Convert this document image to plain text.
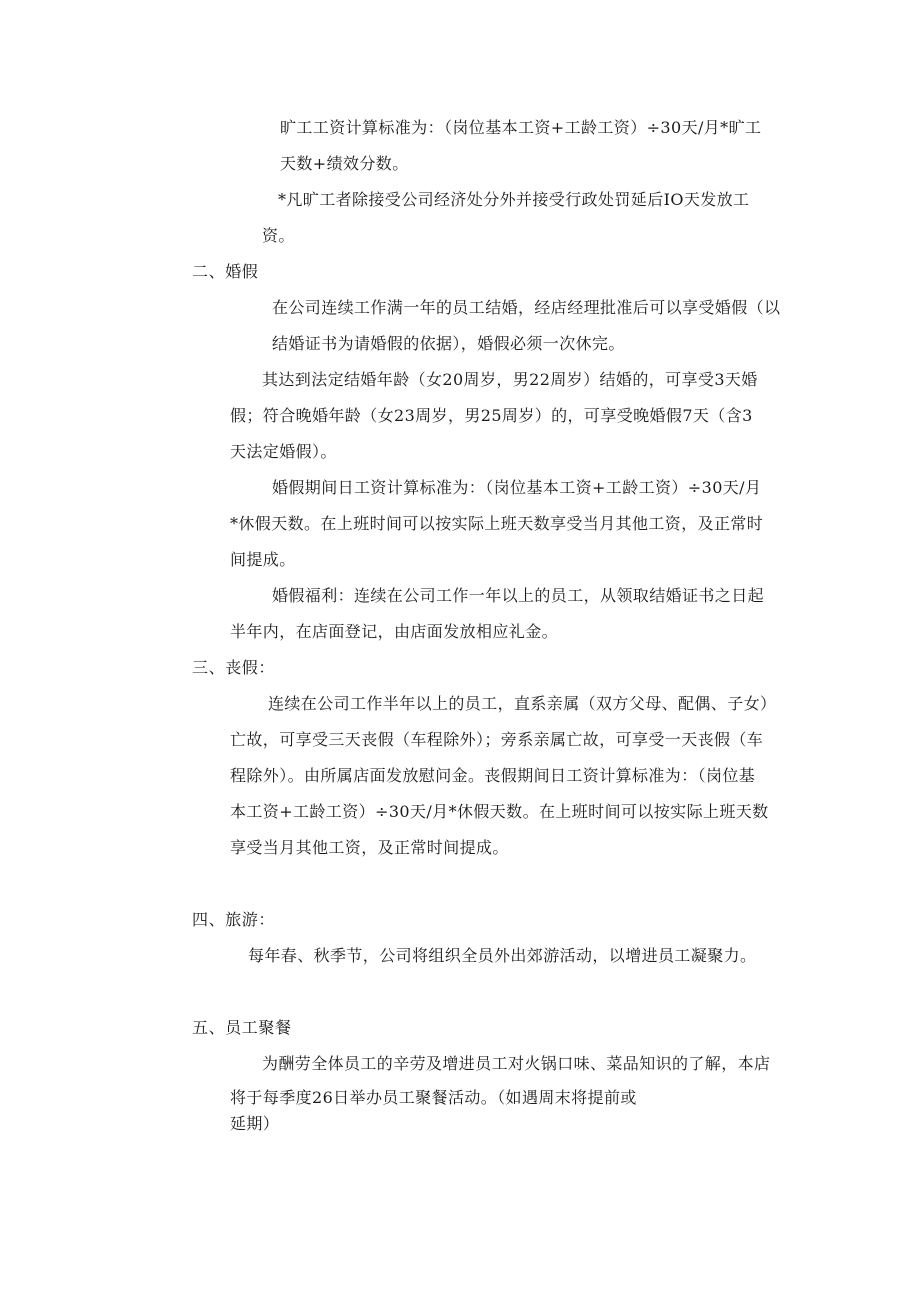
旷工工资计算标准为：（岗位基本工资+工龄工资）÷30天/月*旷工

天数+绩效分数。

*凡旷工者除接受公司经济处分外并接受行政处罚延后IO天发放工

资。

二、婚假

在公司连续工作满一年的员工结婚，经店经理批准后可以享受婚假（以

结婚证书为请婚假的依据），婚假必须一次休完。

其达到法定结婚年龄（女20周岁，男22周岁）结婚的，可享受3天婚

假；符合晚婚年龄（女23周岁，男25周岁）的，可享受晚婚假7天（含3

天法定婚假）。

婚假期间日工资计算标准为：（岗位基本工资+工龄工资）÷30天/月

*休假天数。在上班时间可以按实际上班天数享受当月其他工资，及正常时

间提成。

婚假福利：连续在公司工作一年以上的员工，从领取结婚证书之日起

半年内，在店面登记，由店面发放相应礼金。

三、丧假：

连续在公司工作半年以上的员工，直系亲属（双方父母、配偶、子女）

亡故，可享受三天丧假（车程除外）；旁系亲属亡故，可享受一天丧假（车

程除外）。由所属店面发放慰问金。丧假期间日工资计算标准为：（岗位基

本工资+工龄工资）÷30天/月*休假天数。在上班时间可以按实际上班天数

享受当月其他工资，及正常时间提成。

四、旅游：

每年春、秋季节，公司将组织全员外出郊游活动，以增进员工凝聚力。

五、员工聚餐

为酬劳全体员工的辛劳及增进员工对火锅口味、菜品知识的了解，本店

将于每季度26日举办员工聚餐活动。（如遇周末将提前或

延期）
